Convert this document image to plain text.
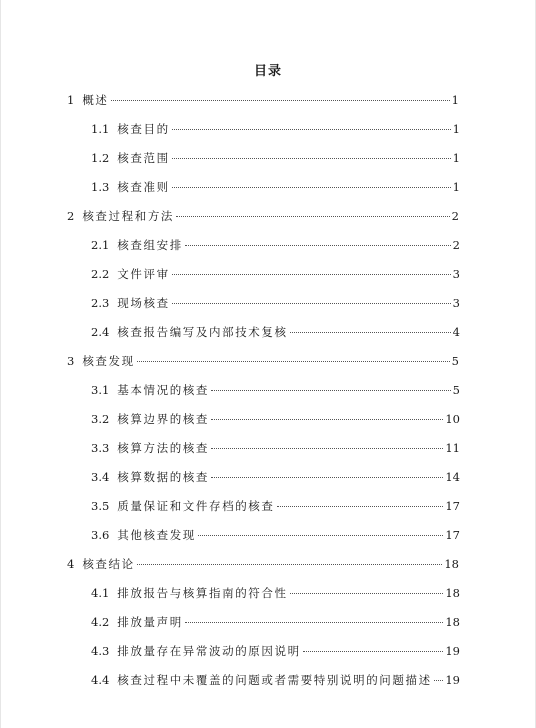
目录
1 概述	1
1.1 核查目的	1
1.2 核查范围	1
1.3 核查准则	1
2 核查过程和方法	2
2.1 核查组安排	2
2.2 文件评审	3
2.3 现场核查	3
2.4 核查报告编写及内部技术复核	4
3 核查发现	5
3.1 基本情况的核查	5
3.2 核算边界的核查	10
3.3 核算方法的核查	11
3.4 核算数据的核查	14
3.5 质量保证和文件存档的核查	17
3.6 其他核查发现	17
4 核查结论	18
4.1 排放报告与核算指南的符合性	18
4.2 排放量声明	18
4.3 排放量存在异常波动的原因说明	19
4.4 核查过程中未覆盖的问题或者需要特别说明的问题描述 19
